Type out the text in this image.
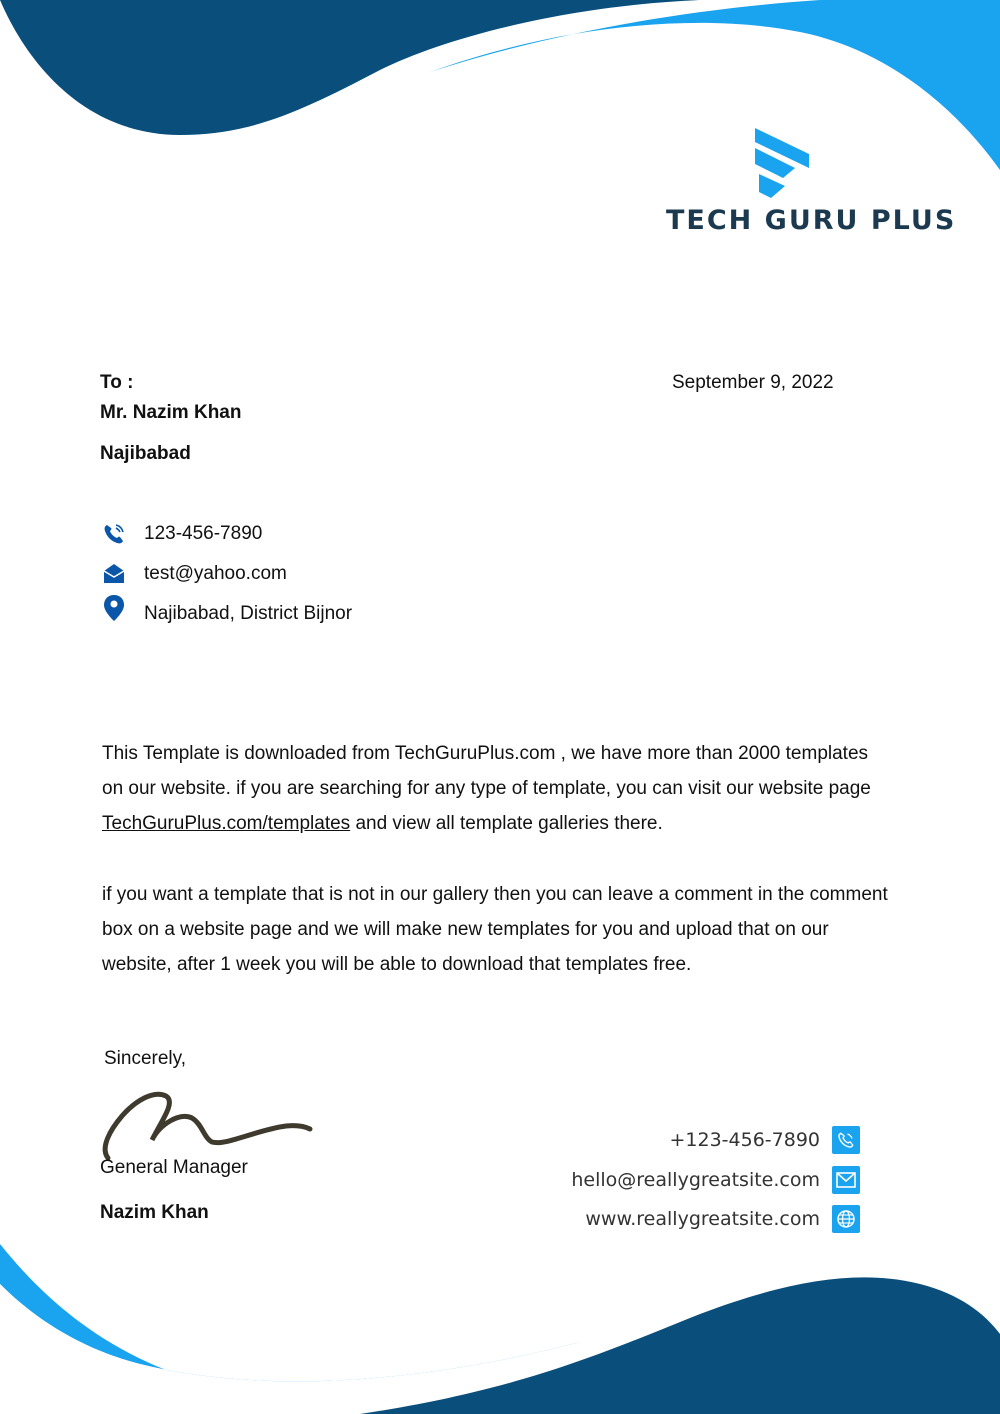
TECH GURU PLUS
To :	September 9, 2022
Mr. Nazim Khan
Najibabad
123-456-7890
test@yahoo.com
Najibabad, District Bijnor
This Template is downloaded from TechGuruPlus.com , we have more than 2000 templates on our website. if you are searching for any type of template, you can visit our website page TechGuruPlus.com/templates and view all template galleries there.
if you want a template that is not in our gallery then you can leave a comment in the comment box on a website page and we will make new templates for you and upload that on our website, after 1 week you will be able to download that templates free.
Sincerely,
General Manager
Nazim Khan
+123-456-7890
hello@reallygreatsite.com
www.reallygreatsite.com
